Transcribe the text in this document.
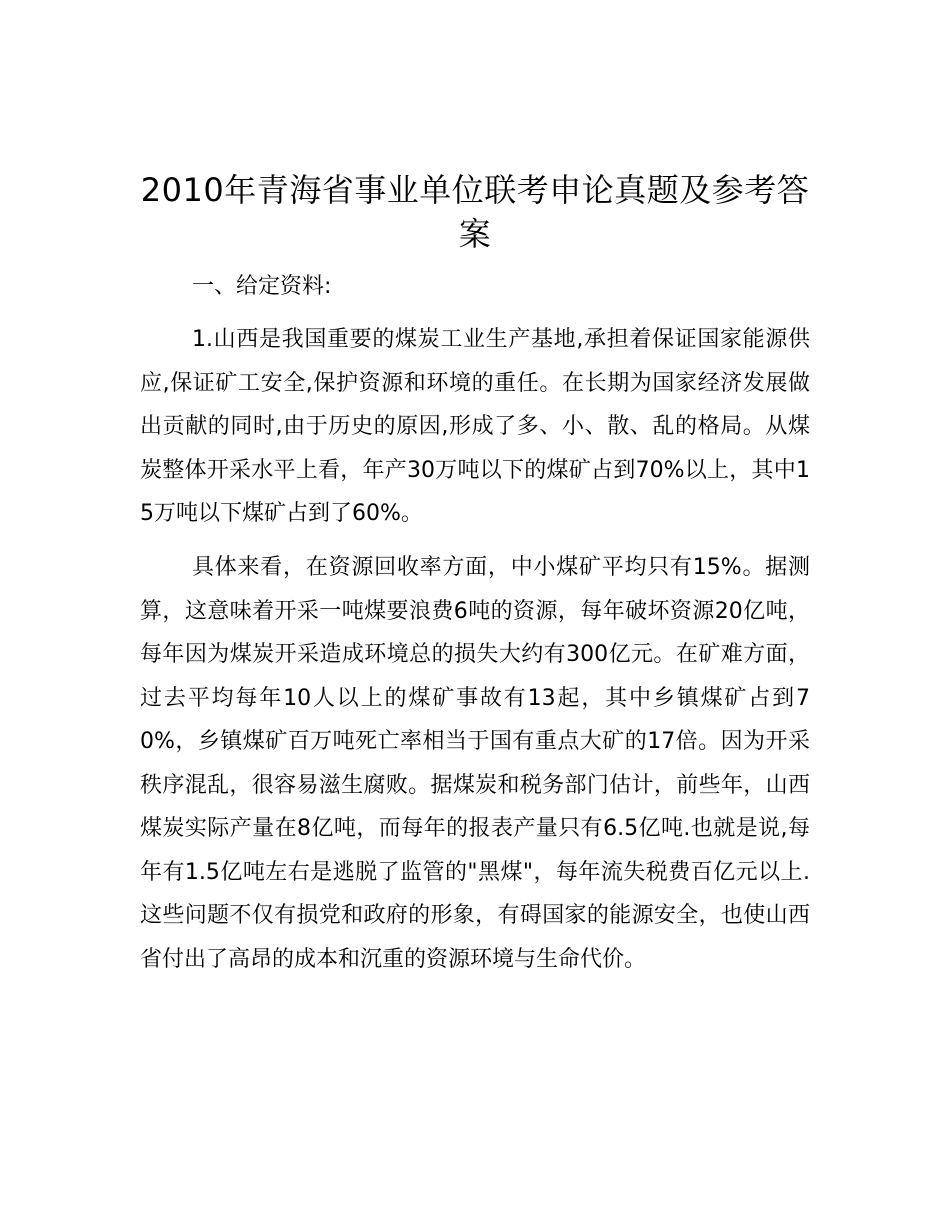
2010年青海省事业单位联考申论真题及参考答案

一、给定资料:

1.山西是我国重要的煤炭工业生产基地,承担着保证国家能源供应,保证矿工安全,保护资源和环境的重任。在长期为国家经济发展做出贡献的同时,由于历史的原因,形成了多、小、散、乱的格局。从煤炭整体开采水平上看，年产30万吨以下的煤矿占到70%以上，其中15万吨以下煤矿占到了60%。

具体来看，在资源回收率方面，中小煤矿平均只有15%。据测算，这意味着开采一吨煤要浪费6吨的资源，每年破坏资源20亿吨，每年因为煤炭开采造成环境总的损失大约有300亿元。在矿难方面，过去平均每年10人以上的煤矿事故有13起，其中乡镇煤矿占到70%，乡镇煤矿百万吨死亡率相当于国有重点大矿的17倍。因为开采秩序混乱，很容易滋生腐败。据煤炭和税务部门估计，前些年，山西煤炭实际产量在8亿吨，而每年的报表产量只有6.5亿吨.也就是说,每年有1.5亿吨左右是逃脱了监管的"黑煤"，每年流失税费百亿元以上.这些问题不仅有损党和政府的形象，有碍国家的能源安全，也使山西省付出了高昂的成本和沉重的资源环境与生命代价。
